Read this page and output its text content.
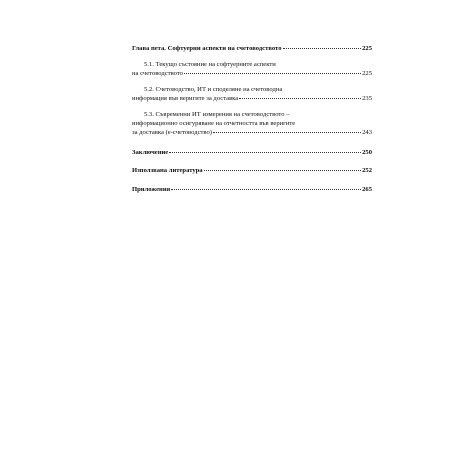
Глава пета. Софтуерни аспекти на счетоводството	225
5.1. Текущо състояние на софтуерните аспекти
на счетоводството	225
5.2. Счетоводство, ИТ и споделяне на счетоводна
информация във веригите за доставка	235
5.3. Съвременни ИТ измерения на счетоводството –
информационно осигуряване на отчетността във веригите
за доставка (е-счетоводство)	243
Заключение	250
Използвана литература	252
Приложения	265
